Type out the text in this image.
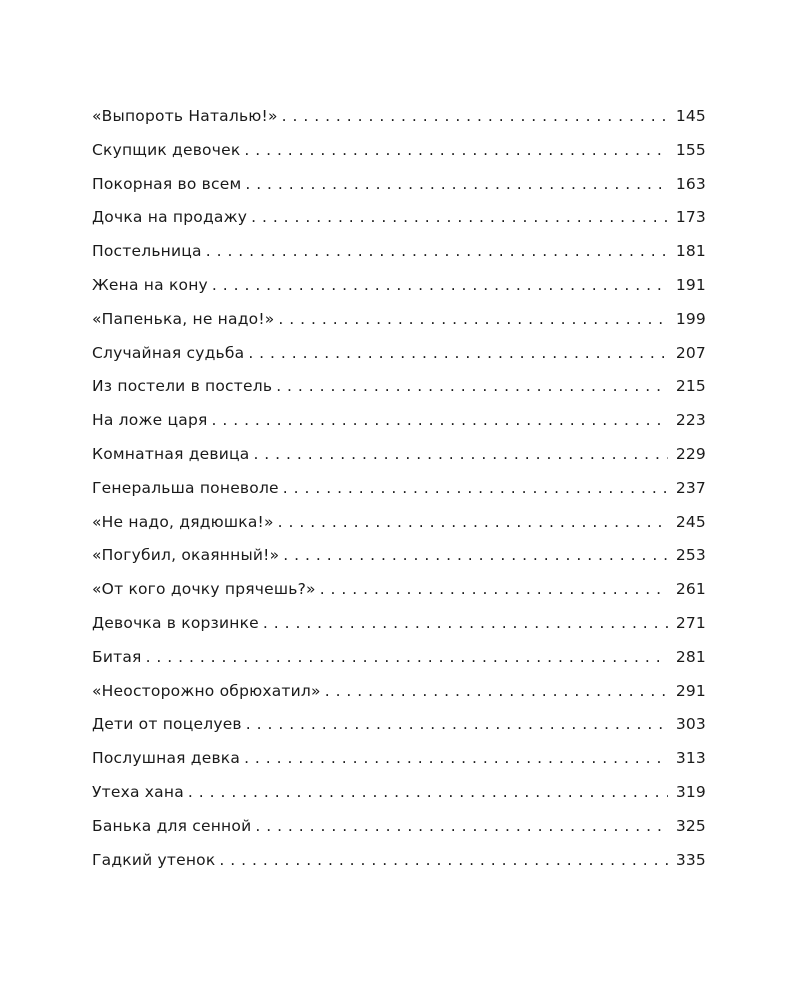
«Выпороть Наталью!» . . .	145
Скупщик девочек . . .	155
Покорная во всем . . .	163
Дочка на продажу . . .	173
Постельница . . .	181
Жена на кону . . .	191
«Папенька, не надо!» . . .	199
Случайная судьба . . .	207
Из постели в постель . . .	215
На ложе царя . . .	223
Комнатная девица . . .	229
Генеральша поневоле . . .	237
«Не надо, дядюшка!» . . .	245
«Погубил, окаянный!» . . .	253
«От кого дочку прячешь?» . . .	261
Девочка в корзинке . . .	271
Битая . . .	281
«Неосторожно обрюхатил» . . .	291
Дети от поцелуев . . .	303
Послушная девка . . .	313
Утеха хана . . .	319
Банька для сенной . . .	325
Гадкий утенок . . .	335
